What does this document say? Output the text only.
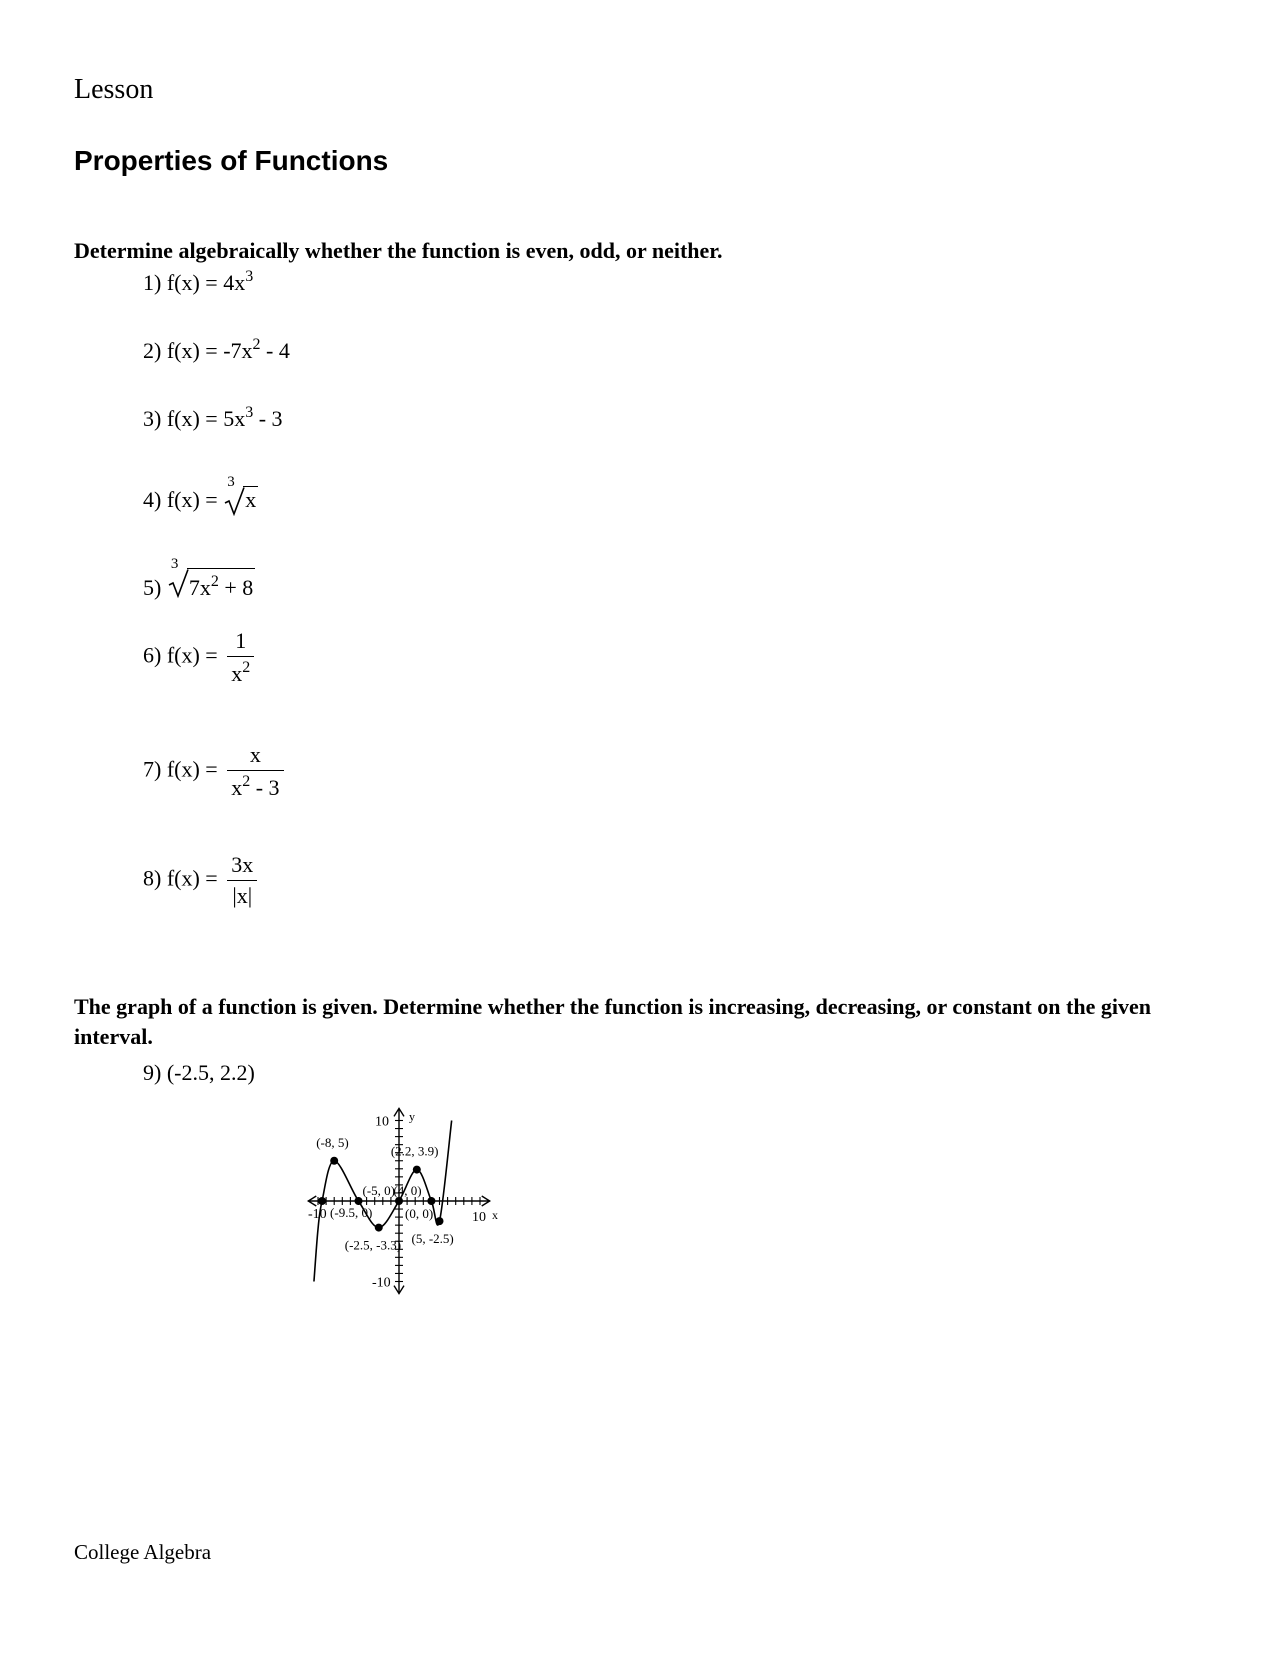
Lesson
Properties of Functions
Determine algebraically whether the function is even, odd, or neither.
1) $f(x) = 4x^3$
2) $f(x) = -7x^2 - 4$
3) $f(x) = 5x^3 - 3$
4) f(x) =
3
x
5)
3
$7x^2 + 8$
6) $f(x) = \frac{1}{x^2}$
7) $f(x) = \frac{x}{x^2 - 3}$
8) $f(x) = \frac{3x}{|x|}$
The graph of a function is given. Determine whether the function is increasing, decreasing, or constant on the given interval.
9) (-2.5, 2.2)
-10	10 x
10
-10
y
(-9.5, 0)
(-8, 5)
(-5, 0)
(-2.5, -3.3)
(0, 0)
(2.2, 3.9)
(4, 0)
(5, -2.5)
College Algebra
